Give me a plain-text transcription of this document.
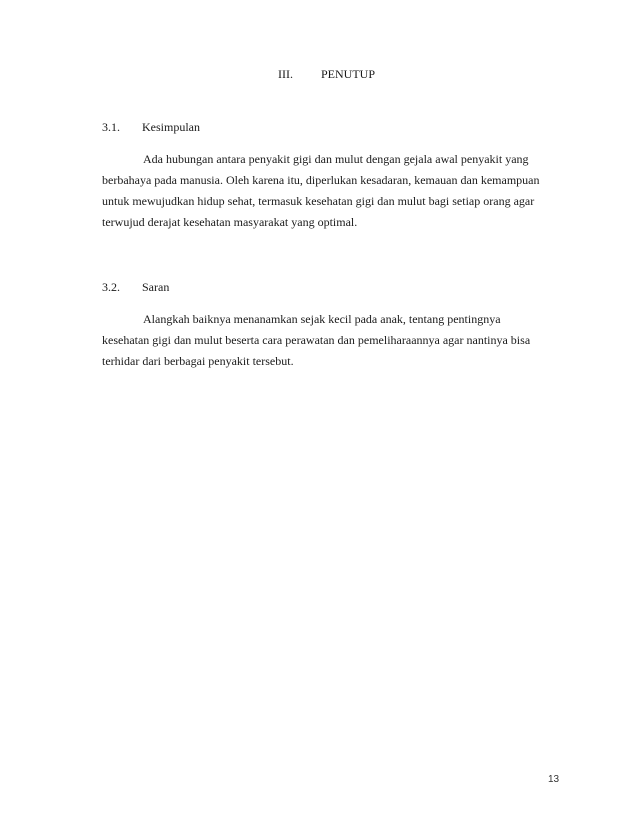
III. PENUTUP
3.1. Kesimpulan
Ada hubungan antara penyakit gigi dan mulut dengan gejala awal penyakit yang
berbahaya pada manusia. Oleh karena itu, diperlukan kesadaran, kemauan dan kemampuan
untuk mewujudkan hidup sehat, termasuk kesehatan gigi dan mulut bagi setiap orang agar
terwujud derajat kesehatan masyarakat yang optimal.
3.2. Saran
Alangkah baiknya menanamkan sejak kecil pada anak, tentang pentingnya
kesehatan gigi dan mulut beserta cara perawatan dan pemeliharaannya agar nantinya bisa
terhidar dari berbagai penyakit tersebut.
13
